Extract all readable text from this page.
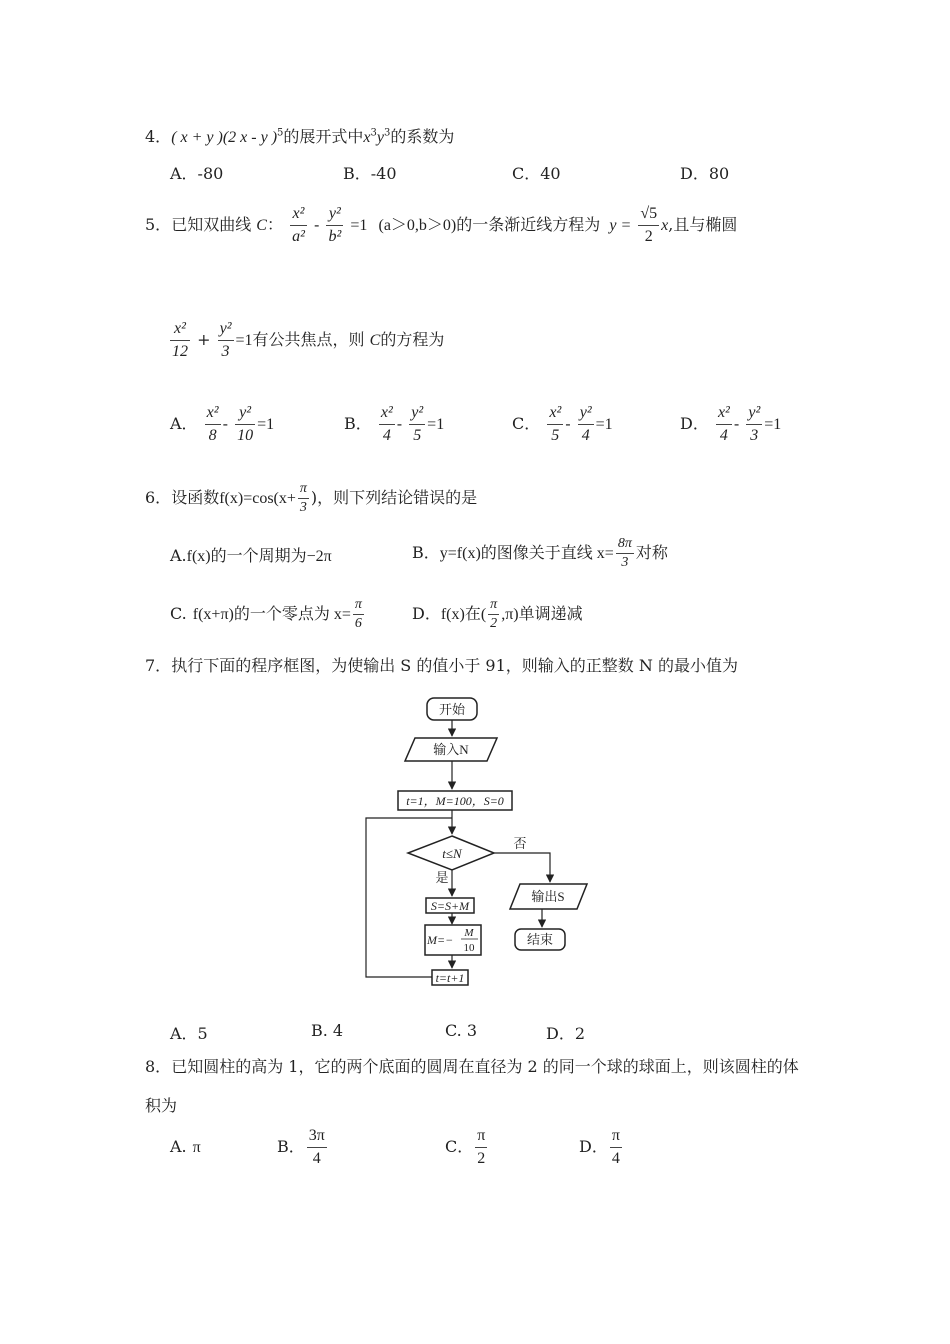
4．( x + y )(2 x - y )$^5$的展开式中$x^3y^3$的系数为
A．-80	B．-40	C．40	D．80
5．已知双曲线 C： $\frac{\text{x²}}{\text{a²}} - \frac{\text{y²}}{\text{b²}} =1$ (a＞0,b＞0)的一条渐近线方程为 $y = \frac{√5}{2} x$,且与椭圆
$\frac{\text{x²}}{12} + \frac{\text{y²}}{3} =1$有公共焦点，则 C的方程为
A． $\frac{\text{x²}}{8} - \frac{\text{y²}}{10} =1$	B． $\frac{\text{x²}}{4} - \frac{\text{y²}}{5} =1$	C． $\frac{\text{x²}}{5} - \frac{\text{y²}}{4} =1$	D． $\frac{\text{x²}}{4} - \frac{\text{y²}}{3} =1$
6．设函数$f(x)=\cos(x+ \frac{\pi}{3}$ )，则下列结论错误的是
A.f(x)的一个周期为−2π	B．y=f(x)的图像关于直线 $x= \frac{8\pi}{3}$ 对称
C. f(x+π)的一个零点为 $x= \frac{\pi}{6}$	D．f(x)在( $\frac{\pi}{2} ,\pi$)单调递减
7．执行下面的程序框图，为使输出 S 的值小于 91，则输入的正整数 N 的最小值为
开始
输入N
t=1，M=100，S=0
t≤N
否
是
S=S+M
M=− M
10
t=t+1
输出S
结束
A．5	B. 4	C. 3	D．2
8．已知圆柱的高为 1，它的两个底面的圆周在直径为 2 的同一个球的球面上，则该圆柱的体
积为
A. π	B． $\frac{3\pi}{4}$	C． $\frac{\pi}{2}$	D． $\frac{\pi}{4}$
